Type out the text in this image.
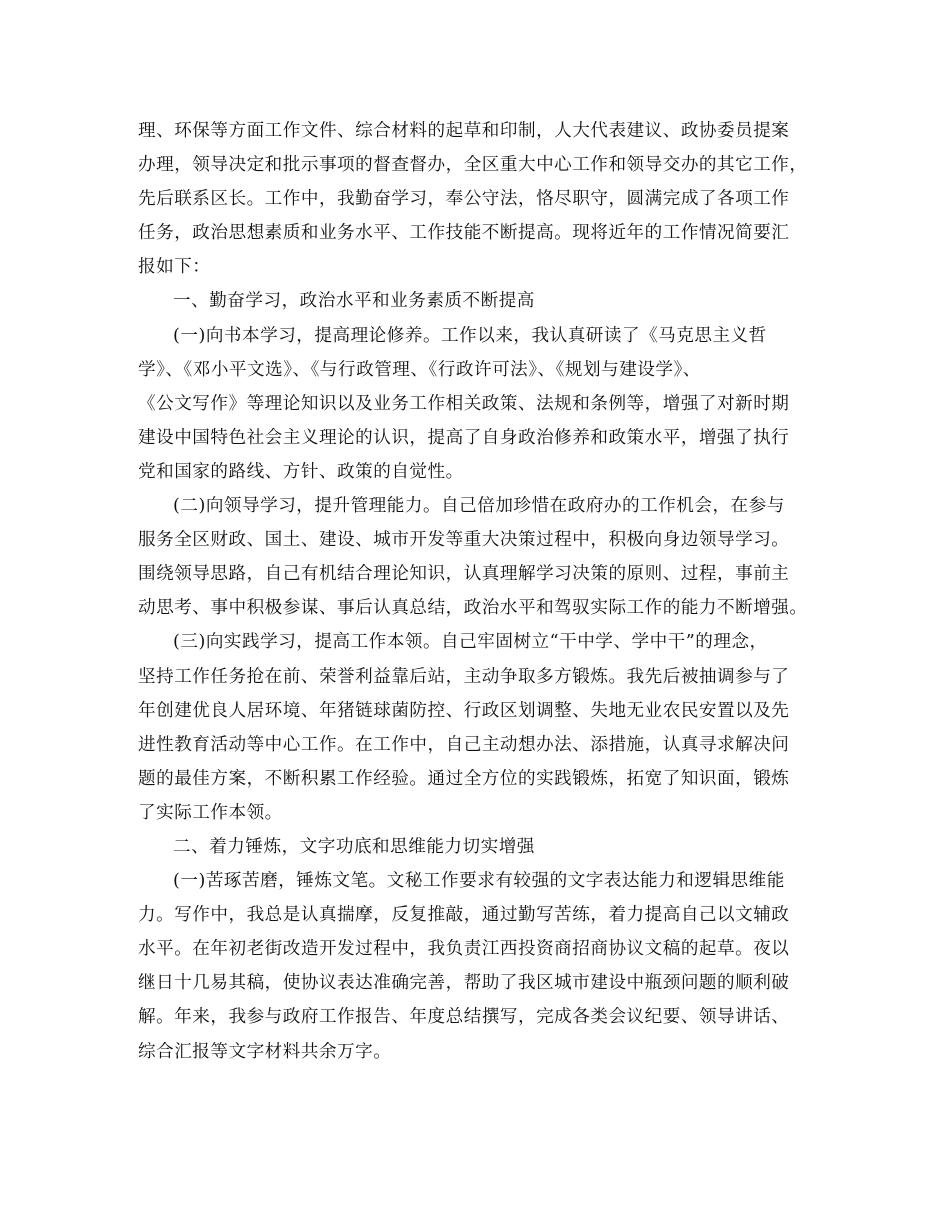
理、环保等方面工作文件、综合材料的起草和印制，人大代表建议、政协委员提案
办理，领导决定和批示事项的督查督办，全区重大中心工作和领导交办的其它工作，
先后联系区长。工作中，我勤奋学习，奉公守法，恪尽职守，圆满完成了各项工作
任务，政治思想素质和业务水平、工作技能不断提高。现将近年的工作情况简要汇
报如下：
一、勤奋学习，政治水平和业务素质不断提高
(一)向书本学习，提高理论修养。工作以来，我认真研读了《马克思主义哲
学》、《邓小平文选》、《与行政管理、《行政许可法》、《规划与建设学》、
《公文写作》等理论知识以及业务工作相关政策、法规和条例等，增强了对新时期
建设中国特色社会主义理论的认识，提高了自身政治修养和政策水平，增强了执行
党和国家的路线、方针、政策的自觉性。
(二)向领导学习，提升管理能力。自己倍加珍惜在政府办的工作机会，在参与
服务全区财政、国土、建设、城市开发等重大决策过程中，积极向身边领导学习。
围绕领导思路，自己有机结合理论知识，认真理解学习决策的原则、过程，事前主
动思考、事中积极参谋、事后认真总结，政治水平和驾驭实际工作的能力不断增强。
(三)向实践学习，提高工作本领。自己牢固树立“干中学、学中干”的理念，
坚持工作任务抢在前、荣誉利益靠后站，主动争取多方锻炼。我先后被抽调参与了
年创建优良人居环境、年猪链球菌防控、行政区划调整、失地无业农民安置以及先
进性教育活动等中心工作。在工作中，自己主动想办法、添措施，认真寻求解决问
题的最佳方案，不断积累工作经验。通过全方位的实践锻炼，拓宽了知识面，锻炼
了实际工作本领。
二、着力锤炼，文字功底和思维能力切实增强
(一)苦琢苦磨，锤炼文笔。文秘工作要求有较强的文字表达能力和逻辑思维能
力。写作中，我总是认真揣摩，反复推敲，通过勤写苦练，着力提高自己以文辅政
水平。在年初老街改造开发过程中，我负责江西投资商招商协议文稿的起草。夜以
继日十几易其稿，使协议表达准确完善，帮助了我区城市建设中瓶颈问题的顺利破
解。年来，我参与政府工作报告、年度总结撰写，完成各类会议纪要、领导讲话、
综合汇报等文字材料共余万字。
